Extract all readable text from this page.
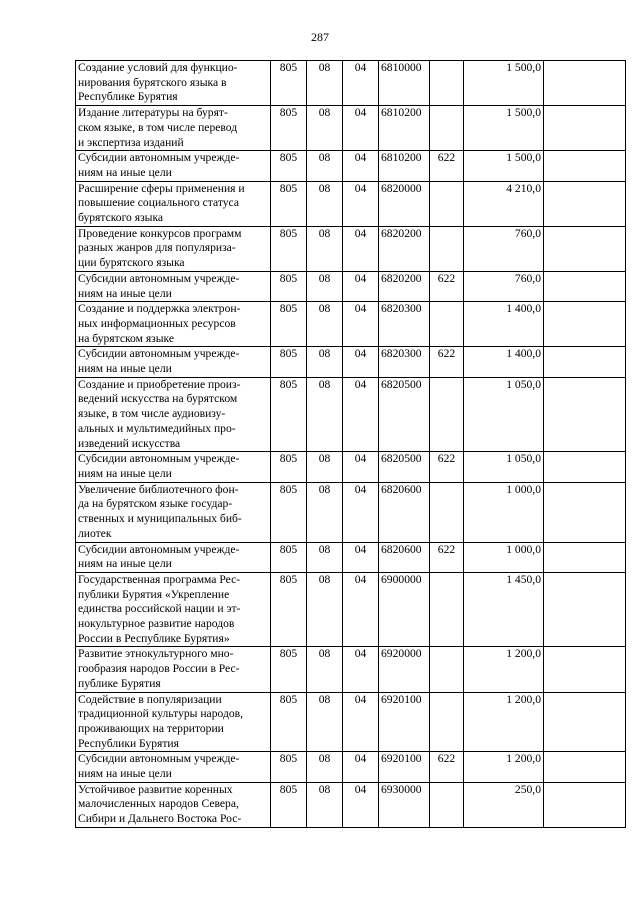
287
Создание условий для функцио-
нирования бурятского языка в
Республике Бурятия	805	08	04	6810000		1 500,0	

Издание литературы на бурят-
ском языке, в том числе перевод
и экспертиза изданий	805	08	04	6810200		1 500,0	

Субсидии автономным учрежде-
ниям на иные цели	805	08	04	6810200	622	1 500,0	

Расширение сферы применения и
повышение социального статуса
бурятского языка	805	08	04	6820000		4 210,0	

Проведение конкурсов программ
разных жанров для популяриза-
ции бурятского языка	805	08	04	6820200		760,0	

Субсидии автономным учрежде-
ниям на иные цели	805	08	04	6820200	622	760,0	

Создание и поддержка электрон-
ных информационных ресурсов
на бурятском языке	805	08	04	6820300		1 400,0	

Субсидии автономным учрежде-
ниям на иные цели	805	08	04	6820300	622	1 400,0	

Создание и приобретение произ-
ведений искусства на бурятском
языке, в том числе аудиовизу-
альных и мультимедийных про-
изведений искусства	805	08	04	6820500		1 050,0	

Субсидии автономным учрежде-
ниям на иные цели	805	08	04	6820500	622	1 050,0	

Увеличение библиотечного фон-
да на бурятском языке государ-
ственных и муниципальных биб-
лиотек	805	08	04	6820600		1 000,0	

Субсидии автономным учрежде-
ниям на иные цели	805	08	04	6820600	622	1 000,0	

Государственная программа Рес-
публики Бурятия «Укрепление
единства российской нации и эт-
нокультурное развитие народов
России в Республике Бурятия»	805	08	04	6900000		1 450,0	

Развитие этнокультурного мно-
гообразия народов России в Рес-
публике Бурятия	805	08	04	6920000		1 200,0	

Содействие в популяризации
традиционной культуры народов,
проживающих на территории
Республики Бурятия	805	08	04	6920100		1 200,0	

Субсидии автономным учрежде-
ниям на иные цели	805	08	04	6920100	622	1 200,0	

Устойчивое развитие коренных
малочисленных народов Севера,
Сибири и Дальнего Востока Рос-	805	08	04	6930000		250,0	
